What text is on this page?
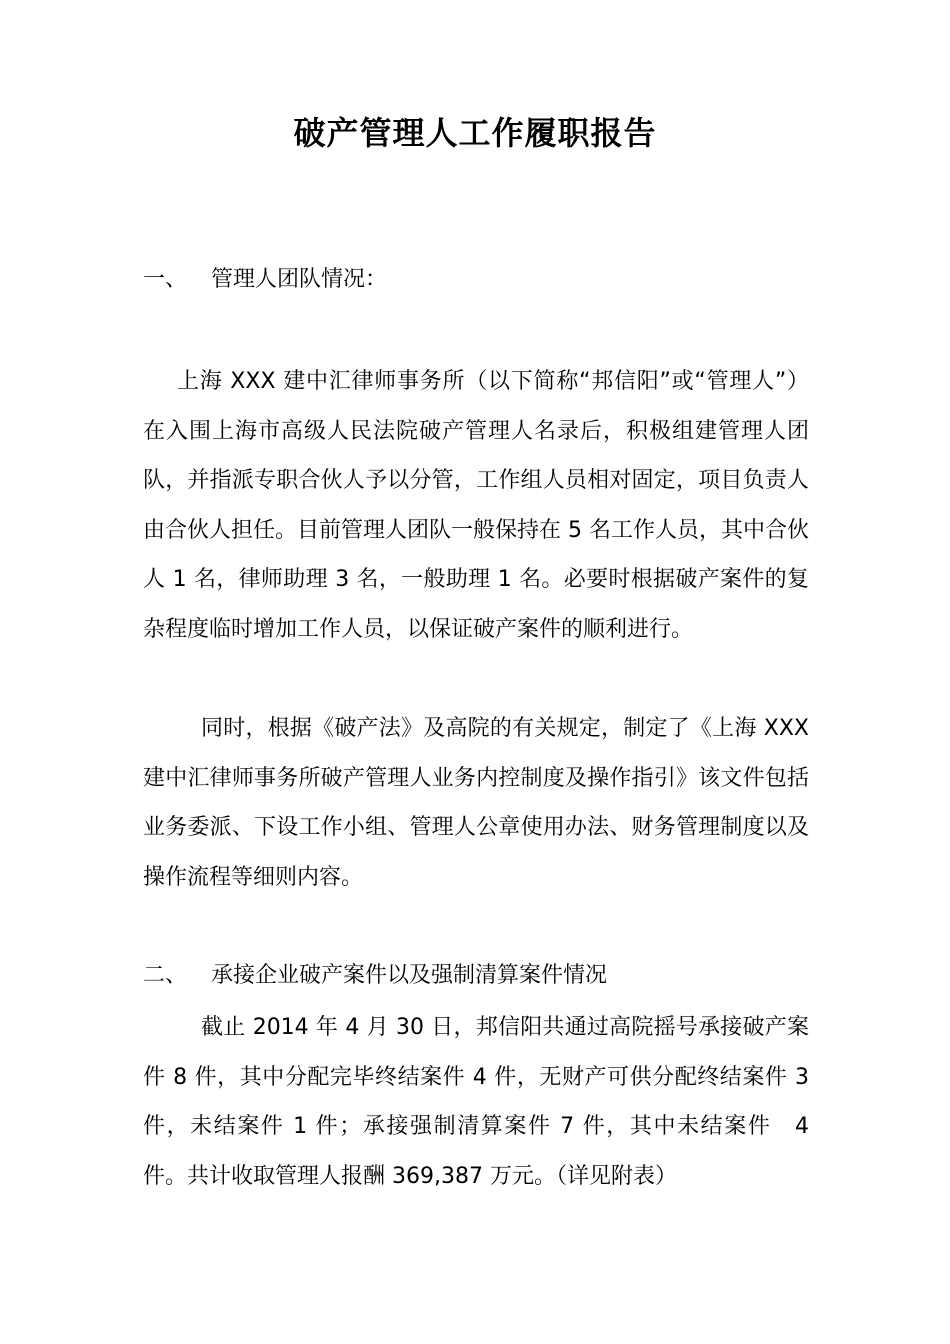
破产管理人工作履职报告
一、 管理人团队情况：

上海 XXX 建中汇律师事务所（以下简称“邦信阳”或“管理人”）在入围上海市高级人民法院破产管理人名录后，积极组建管理人团队，并指派专职合伙人予以分管，工作组人员相对固定，项目负责人由合伙人担任。目前管理人团队一般保持在 5 名工作人员，其中合伙人 1 名，律师助理 3 名，一般助理 1 名。必要时根据破产案件的复杂程度临时增加工作人员，以保证破产案件的顺利进行。

同时，根据《破产法》及高院的有关规定，制定了《上海 XXX 建中汇律师事务所破产管理人业务内控制度及操作指引》该文件包括业务委派、下设工作小组、管理人公章使用办法、财务管理制度以及操作流程等细则内容。

二、 承接企业破产案件以及强制清算案件情况

截止 2014 年 4 月 30 日，邦信阳共通过高院摇号承接破产案件 8 件，其中分配完毕终结案件 4 件，无财产可供分配终结案件 3 件，未结案件 1 件；承接强制清算案件 7 件，其中未结案件　4 件。共计收取管理人报酬 369,387 万元。（详见附表）
